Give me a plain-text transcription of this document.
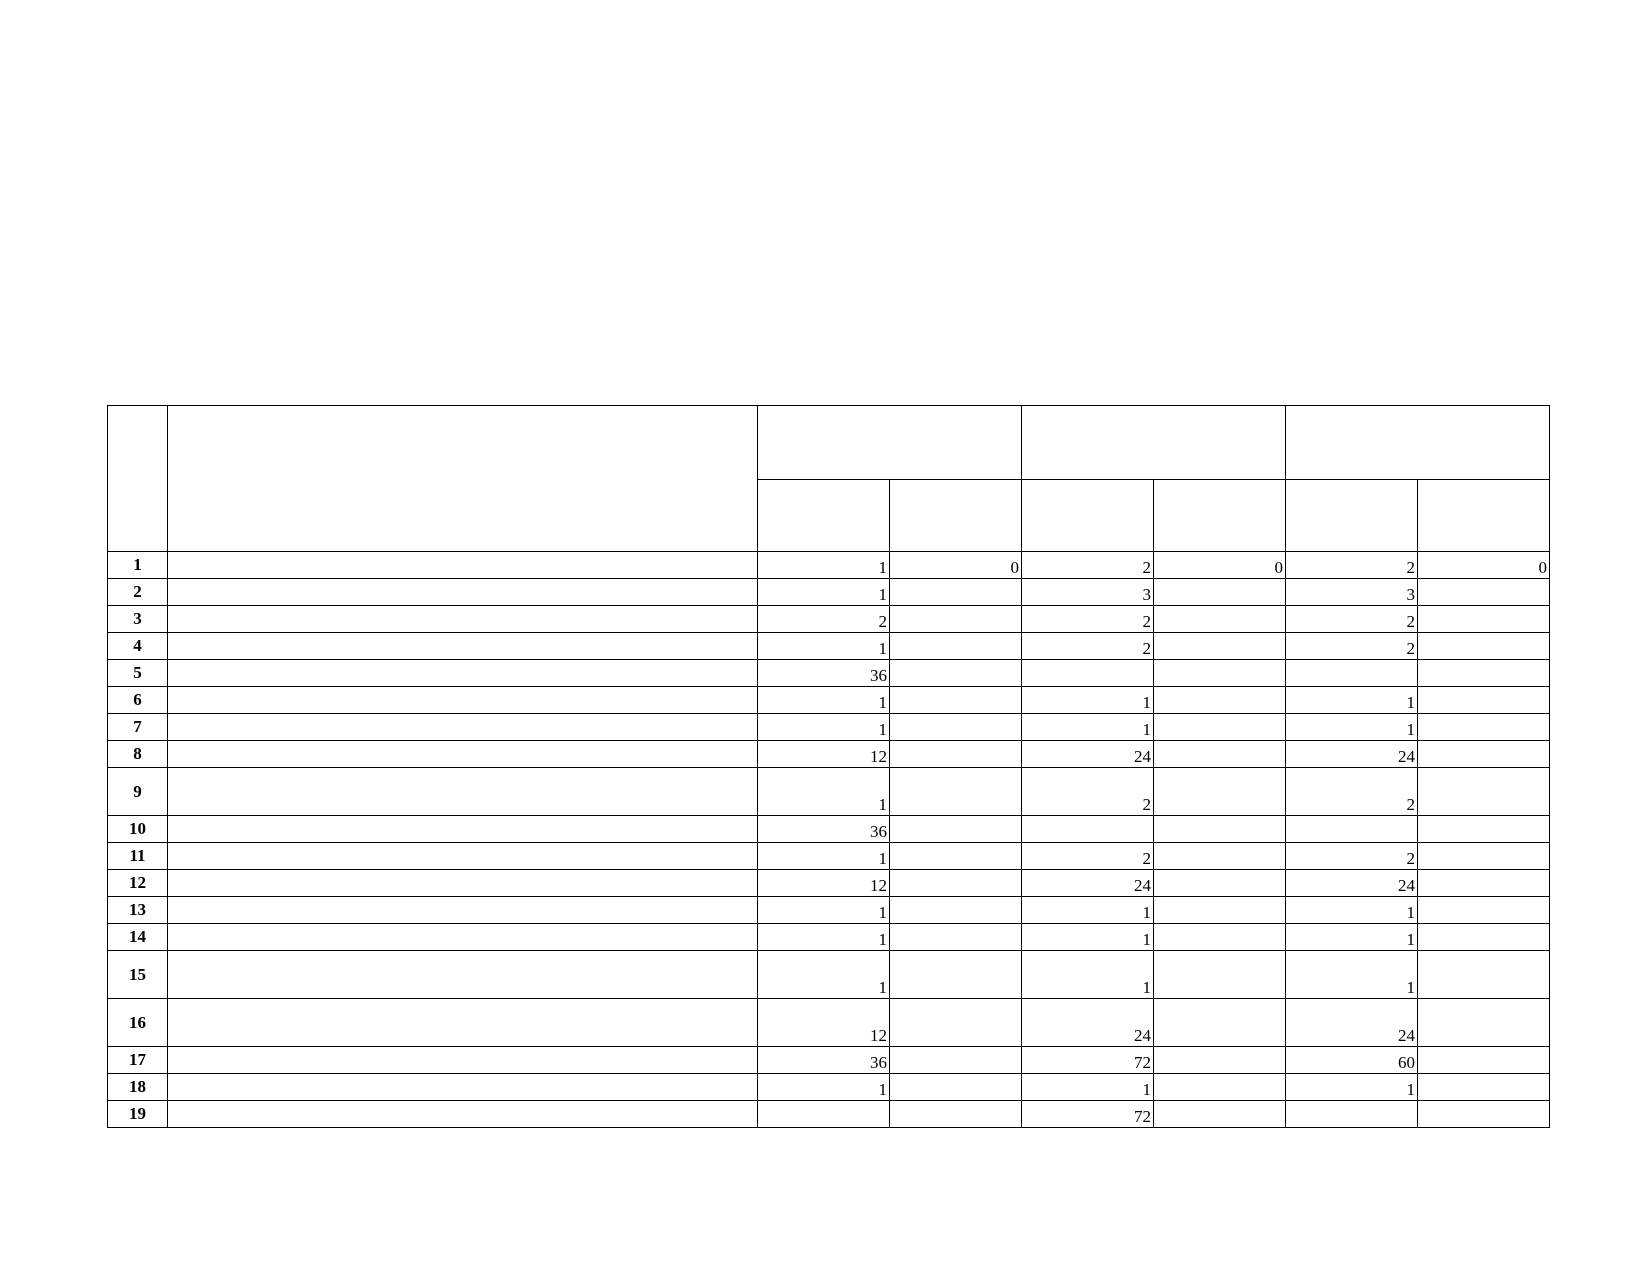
1		1	0	2	0	2	0
2		1		3		3	
3		2		2		2	
4		1		2		2	
5		36					
6		1		1		1	
7		1		1		1	
8		12		24		24	
9		1		2		2	
10		36					
11		1		2		2	
12		12		24		24	
13		1		1		1	
14		1		1		1	
15		1		1		1	
16		12		24		24	
17		36		72		60	
18		1		1		1	
19				72			
